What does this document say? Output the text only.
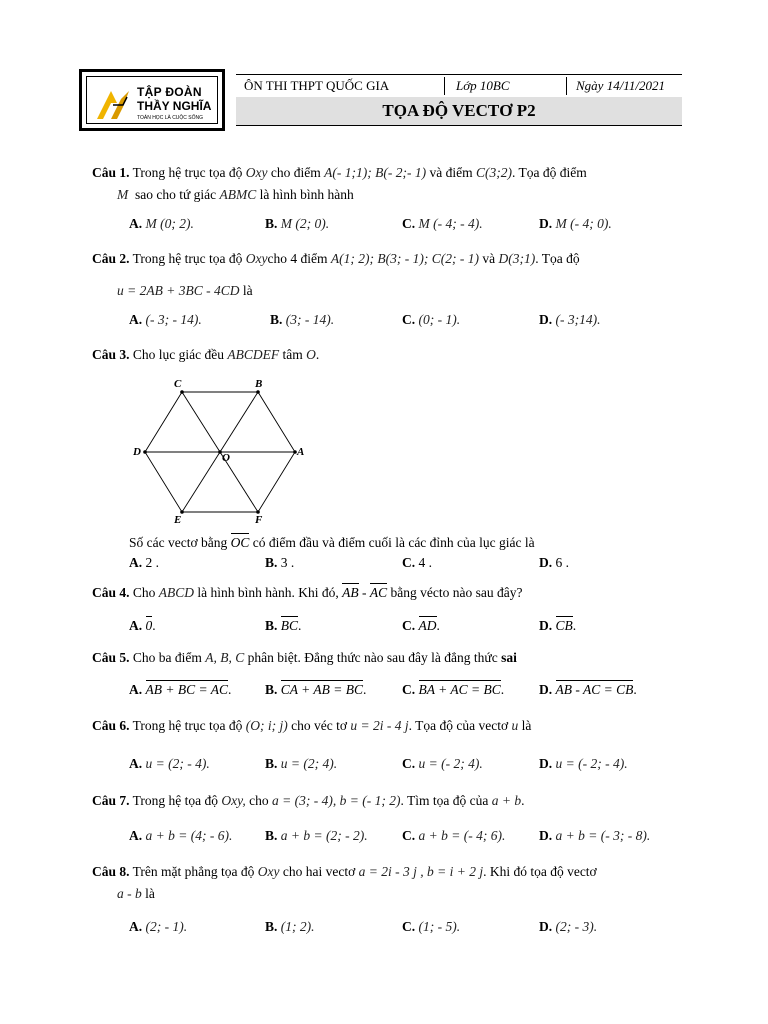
TẬP ĐOÀN
THẦY NGHĨA
TOÁN HỌC LÀ CUỘC SỐNG
ÔN THI THPT QUỐC GIA	Lớp 10BC	Ngày 14/11/2021
TỌA ĐỘ VECTƠ P2
Câu 1. Trong hệ trục tọa độ Oxy cho điểm A(- 1;1); B(- 2;- 1) và điểm C(3;2). Tọa độ điểm
M sao cho tứ giác ABMC là hình bình hành
A. M (0; 2).	B. M (2; 0).	C. M (- 4; - 4).	D. M (- 4; 0).
Câu 2. Trong hệ trục tọa độ Oxycho 4 điểm A(1; 2); B(3; - 1); C(2; - 1) và D(3;1). Tọa độ
u = 2AB + 3BC - 4CD là
A. (- 3; - 14).	B. (3; - 14).	C. (0; - 1).	D. (- 3;14).
Câu 3. Cho lục giác đều ABCDEF tâm O.
C	B
A
D	O
E	F
Số các vectơ bằng OC có điểm đầu và điểm cuối là các đỉnh của lục giác là
A. 2 .	B. 3 .	C. 4 .	D. 6 .
Câu 4. Cho ABCD là hình bình hành. Khi đó, AB - AC bằng vécto nào sau đây?
A. 0.	B. BC.	C. AD.	D. CB.
Câu 5. Cho ba điểm A, B, C phân biệt. Đẳng thức nào sau đây là đẳng thức sai
A. AB + BC = AC. B. CA + AB = BC.	C. BA + AC = BC.	D. AB - AC = CB.
Câu 6. Trong hệ trục tọa độ (O; i; j) cho véc tơ u = 2i - 4 j. Tọa độ của vectơ u là
A. u = (2; - 4).	B. u = (2; 4).	C. u = (- 2; 4).	D. u = (- 2; - 4).
Câu 7. Trong hệ tọa độ Oxy, cho a = (3; - 4), b = (- 1; 2). Tìm tọa độ của a + b.
A. a + b = (4; - 6). B. a + b = (2; - 2).	C. a + b = (- 4; 6). D. a + b = (- 3; - 8).
Câu 8. Trên mặt phẳng tọa độ Oxy cho hai vectơ a = 2i - 3 j , b = i + 2 j. Khi đó tọa độ vectơ
a - b là
A. (2; - 1).	B. (1; 2).	C. (1; - 5).	D. (2; - 3).
